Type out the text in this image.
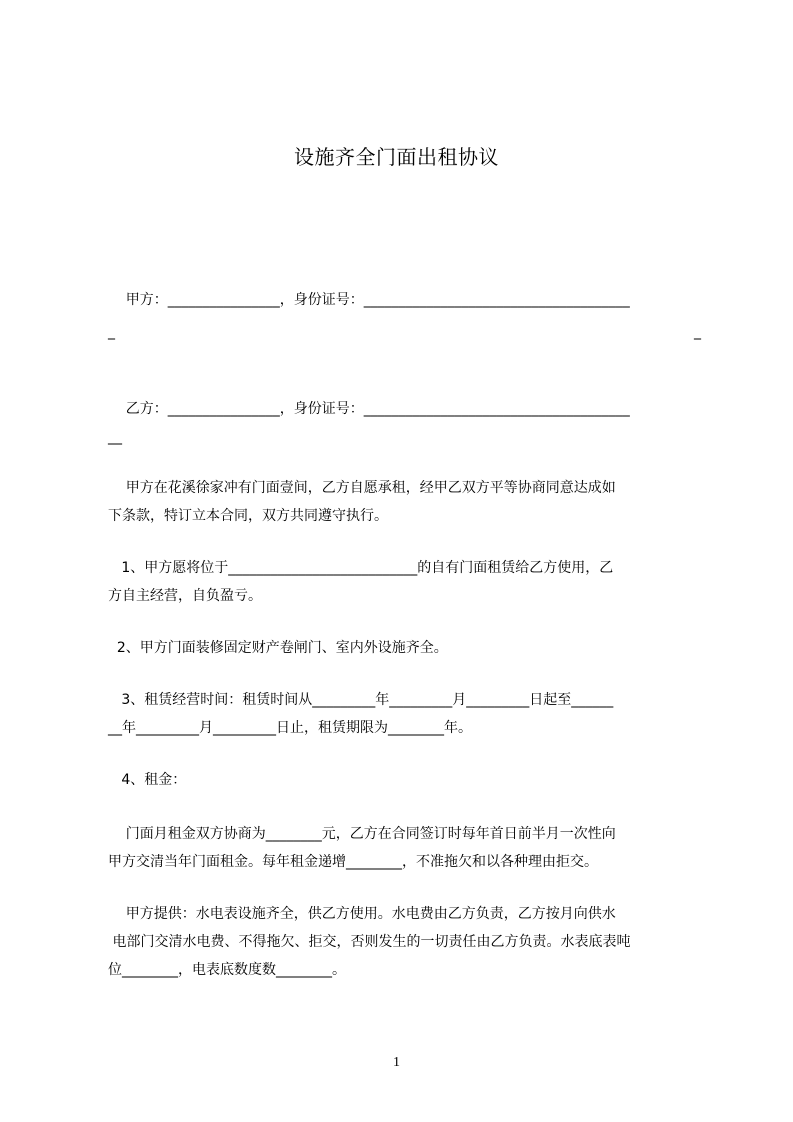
设施齐全门面出租协议
甲方：________________，身份证号：______________________________________
_	_
乙方：________________，身份证号：______________________________________
__
甲方在花溪徐家冲有门面壹间，乙方自愿承租，经甲乙双方平等协商同意达成如
下条款，特订立本合同，双方共同遵守执行。
1、甲方愿将位于___________________________的自有门面租赁给乙方使用，乙
方自主经营，自负盈亏。
2、甲方门面装修固定财产卷闸门、室内外设施齐全。
3、租赁经营时间：租赁时间从_________年_________月_________日起至______
__年_________月_________日止，租赁期限为________年。
4、租金：
门面月租金双方协商为________元，乙方在合同签订时每年首日前半月一次性向
甲方交清当年门面租金。每年租金递增________，不准拖欠和以各种理由拒交。
甲方提供：水电表设施齐全，供乙方使用。水电费由乙方负责，乙方按月向供水
电部门交清水电费、不得拖欠、拒交，否则发生的一切责任由乙方负责。水表底表吨
位________，电表底数度数________。
1
